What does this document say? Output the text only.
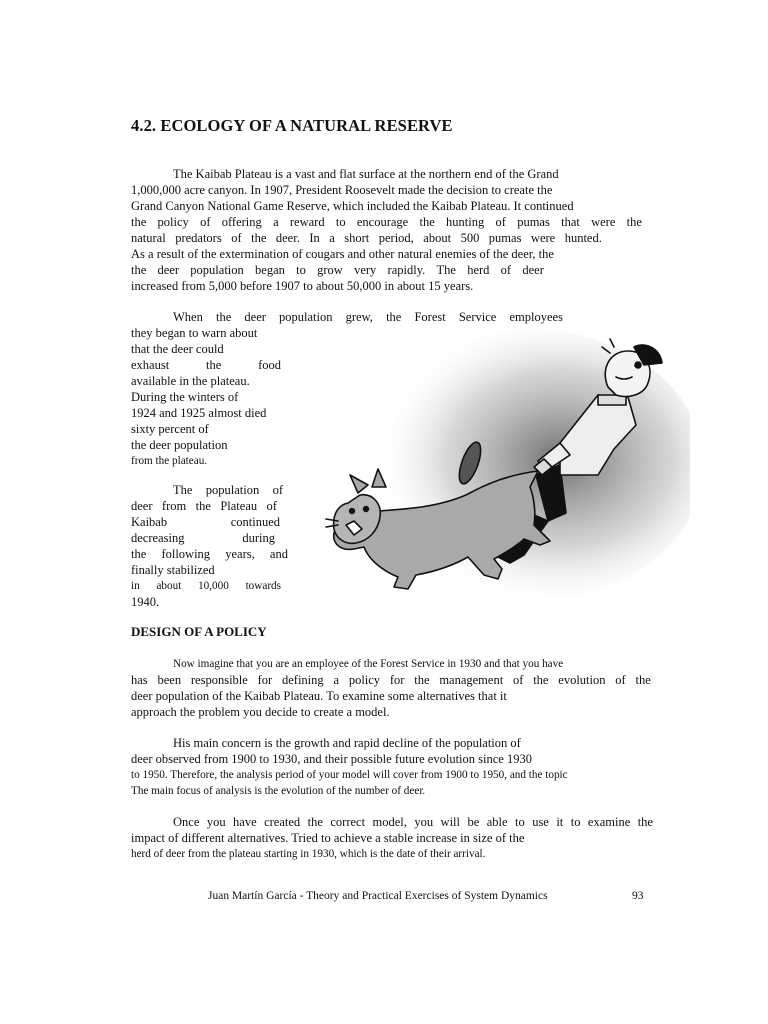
4.2. ECOLOGY OF A NATURAL RESERVE
The Kaibab Plateau is a vast and flat surface at the northern end of the Grand
1,000,000 acre canyon. In 1907, President Roosevelt made the decision to create the
Grand Canyon National Game Reserve, which included the Kaibab Plateau. It continued
the policy of offering a reward to encourage the hunting of pumas that were the
natural predators of the deer. In a short period, about 500 pumas were hunted.
As a result of the extermination of cougars and other natural enemies of the deer, the
the deer population began to grow very rapidly. The herd of deer
increased from 5,000 before 1907 to about 50,000 in about 15 years.
When the deer population grew, the Forest Service employees
they began to warn about
that the deer could
exhaust	the	food
available in the plateau.
During the winters of
1924 and 1925 almost died
sixty percent of
the deer population
from the plateau.
The population of
deer from the Plateau of
Kaibab	continued
decreasing	during
the following years, and
finally stabilized
in about 10,000 towards
1940.
DESIGN OF A POLICY
Now imagine that you are an employee of the Forest Service in 1930 and that you have
has been responsible for defining a policy for the management of the evolution of the
deer population of the Kaibab Plateau. To examine some alternatives that it
approach the problem you decide to create a model.
His main concern is the growth and rapid decline of the population of
deer observed from 1900 to 1930, and their possible future evolution since 1930
to 1950. Therefore, the analysis period of your model will cover from 1900 to 1950, and the topic
The main focus of analysis is the evolution of the number of deer.
Once you have created the correct model, you will be able to use it to examine the
impact of different alternatives. Tried to achieve a stable increase in size of the
herd of deer from the plateau starting in 1930, which is the date of their arrival.
Juan Martín García - Theory and Practical Exercises of System Dynamics	93
